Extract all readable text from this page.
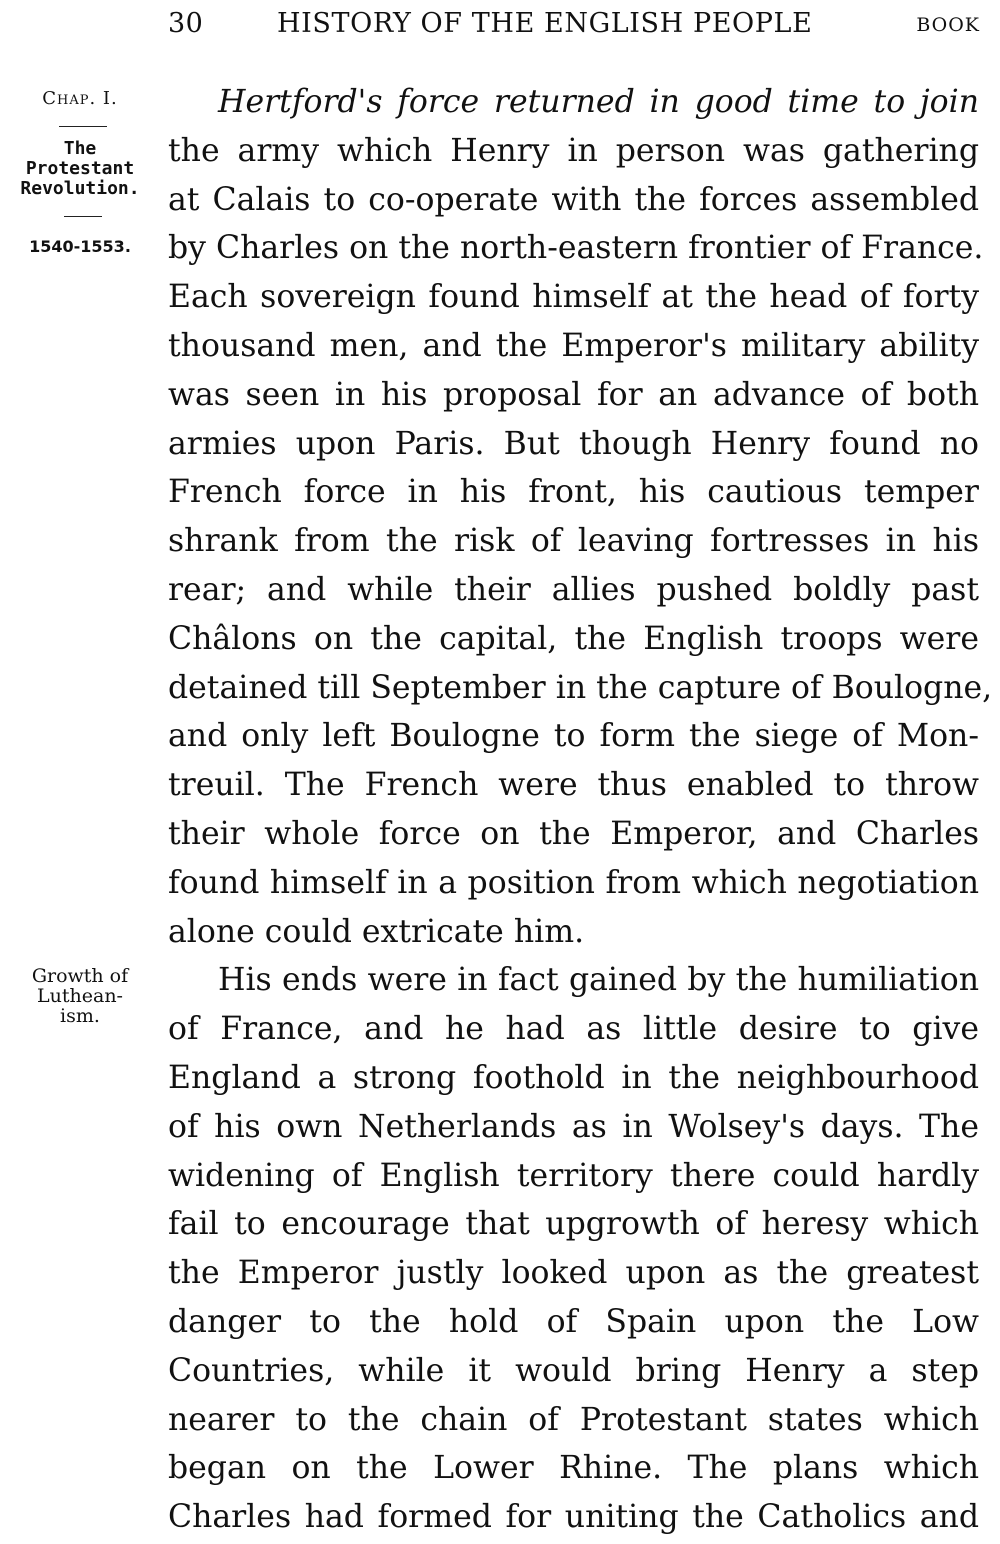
30	HISTORY OF THE ENGLISH PEOPLE	BOOK
Chap. I.
The
Protestant
Revolution.
1540-1553.
Growth of
Luthean-
ism.
Hertford's force returned in good time to join
the army which Henry in person was gathering
at Calais to co-operate with the forces assembled
by Charles on the north-eastern frontier of France.
Each sovereign found himself at the head of forty
thousand men, and the Emperor's military ability
was seen in his proposal for an advance of both
armies upon Paris. But though Henry found no
French force in his front, his cautious temper
shrank from the risk of leaving fortresses in his
rear; and while their allies pushed boldly past
Châlons on the capital, the English troops were
detained till September in the capture of Boulogne,
and only left Boulogne to form the siege of Mon-
treuil. The French were thus enabled to throw
their whole force on the Emperor, and Charles
found himself in a position from which negotiation
alone could extricate him.
His ends were in fact gained by the humiliation
of France, and he had as little desire to give
England a strong foothold in the neighbourhood
of his own Netherlands as in Wolsey's days. The
widening of English territory there could hardly
fail to encourage that upgrowth of heresy which
the Emperor justly looked upon as the greatest
danger to the hold of Spain upon the Low
Countries, while it would bring Henry a step
nearer to the chain of Protestant states which
began on the Lower Rhine. The plans which
Charles had formed for uniting the Catholics and
